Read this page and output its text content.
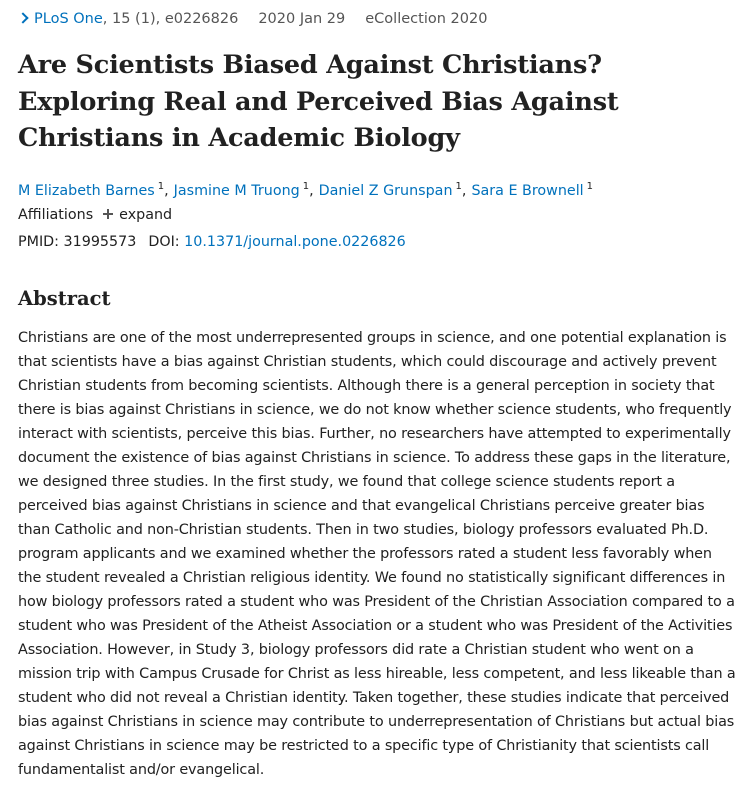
PLoS One, 15 (1), e0226826 2020 Jan 29 eCollection 2020
Are Scientists Biased Against Christians? Exploring Real and Perceived Bias Against Christians in Academic Biology
M Elizabeth Barnes $^1$, Jasmine M Truong $^1$, Daniel Z Grunspan $^1$, Sara E Brownell $^1$
Affiliations expand
PMID: 31995573 DOI: 10.1371/journal.pone.0226826
Abstract

Christians are one of the most underrepresented groups in science, and one potential explanation is that scientists have a bias against Christian students, which could discourage and actively prevent Christian students from becoming scientists. Although there is a general perception in society that there is bias against Christians in science, we do not know whether science students, who frequently interact with scientists, perceive this bias. Further, no researchers have attempted to experimentally document the existence of bias against Christians in science. To address these gaps in the literature, we designed three studies. In the first study, we found that college science students report a perceived bias against Christians in science and that evangelical Christians perceive greater bias than Catholic and non-Christian students. Then in two studies, biology professors evaluated Ph.D. program applicants and we examined whether the professors rated a student less favorably when the student revealed a Christian religious identity. We found no statistically significant differences in how biology professors rated a student who was President of the Christian Association compared to a student who was President of the Atheist Association or a student who was President of the Activities Association. However, in Study 3, biology professors did rate a Christian student who went on a mission trip with Campus Crusade for Christ as less hireable, less competent, and less likeable than a student who did not reveal a Christian identity. Taken together, these studies indicate that perceived bias against Christians in science may contribute to underrepresentation of Christians but actual bias against Christians in science may be restricted to a specific type of Christianity that scientists call fundamentalist and/or evangelical.
